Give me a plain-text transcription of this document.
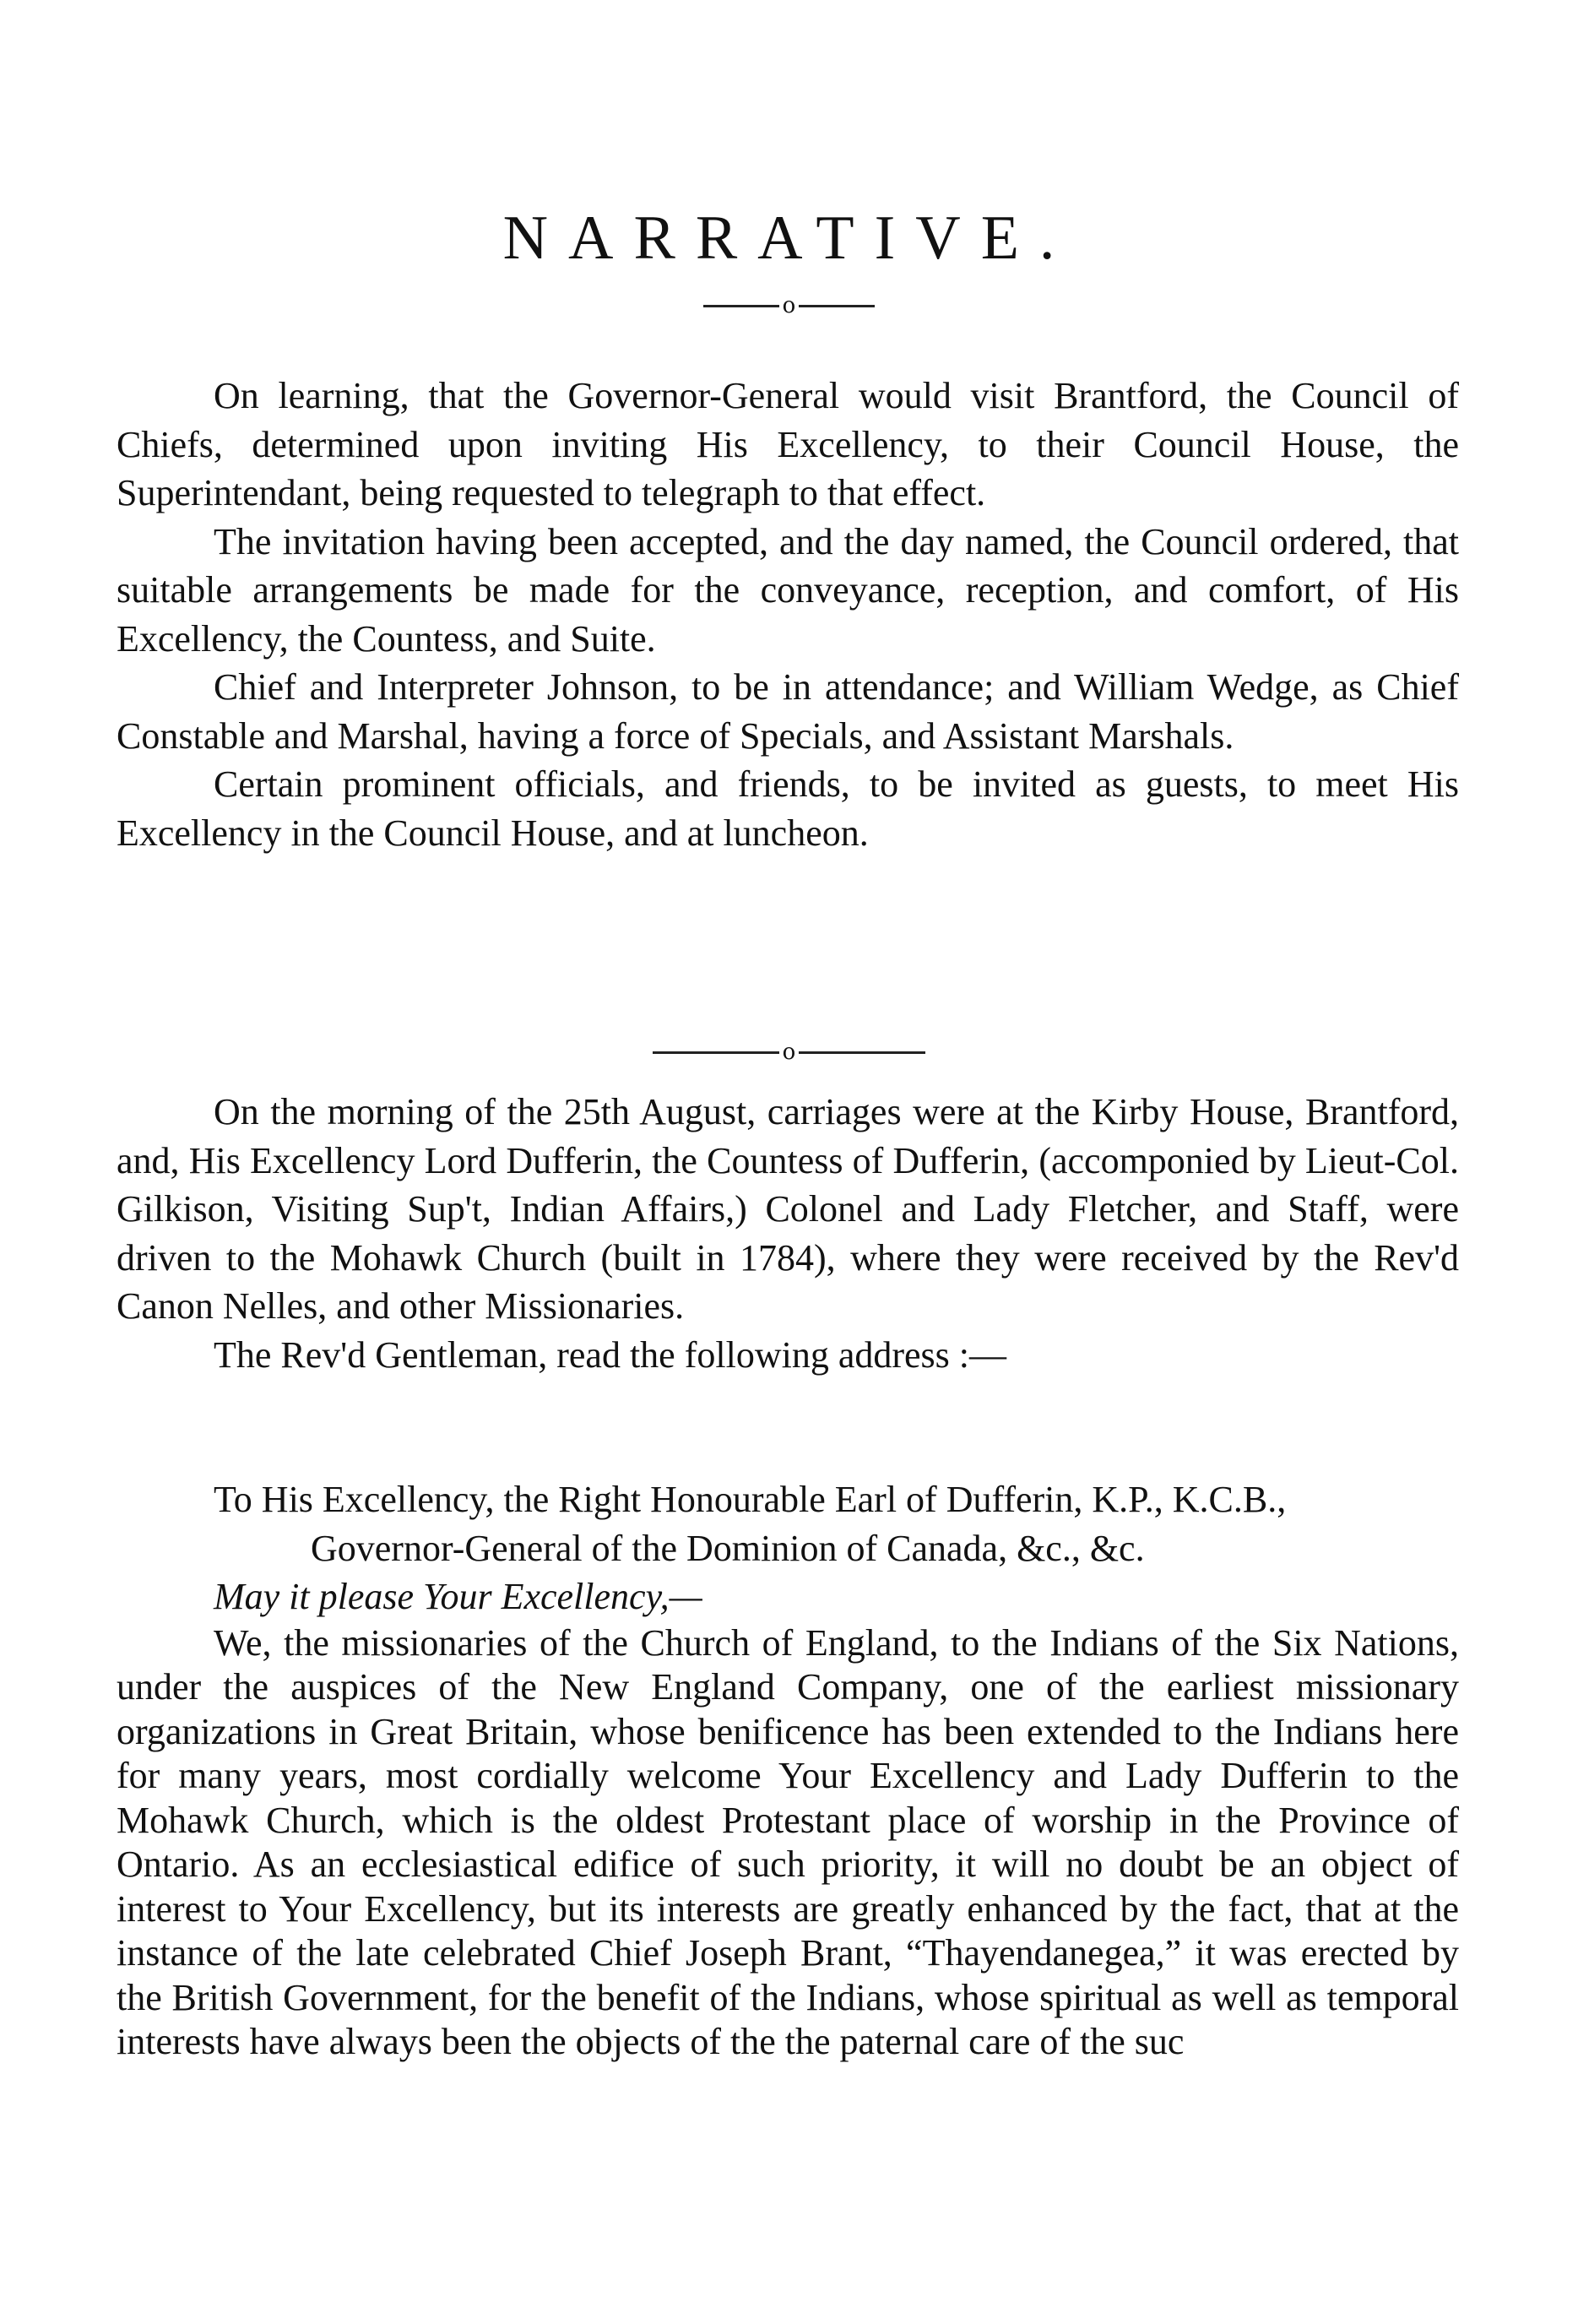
NARRATIVE.
o

On learning, that the Governor-General would visit Brantford, the Council of Chiefs, determined upon inviting His Excellency, to their Council House, the Superintendant, being requested to telegraph to that effect.

The invitation having been accepted, and the day named, the Council ordered, that suitable arrangements be made for the conveyance, reception, and comfort, of His Excellency, the Countess, and Suite.

Chief and Interpreter Johnson, to be in attendance; and William Wedge, as Chief Constable and Marshal, having a force of Specials, and Assistant Marshals.

Certain prominent officials, and friends, to be invited as guests, to meet His Excellency in the Council House, and at luncheon.

o

On the morning of the 25th August, carriages were at the Kirby House, Brantford, and, His Excellency Lord Dufferin, the Countess of Dufferin, (accomponied by Lieut-Col. Gilkison, Visiting Sup't, Indian Affairs,) Colonel and Lady Fletcher, and Staff, were driven to the Mohawk Church (built in 1784), where they were received by the Rev'd Canon Nelles, and other Missionaries.

The Rev'd Gentleman, read the following address :—

To His Excellency, the Right Honourable Earl of Dufferin, K.P., K.C.B.,

Governor-General of the Dominion of Canada, &c., &c.

May it please Your Excellency,—

We, the missionaries of the Church of England, to the Indians of the Six Nations, under the auspices of the New England Company, one of the earliest missionary organizations in Great Britain, whose benificence has been extended to the Indians here for many years, most cordially welcome Your Excellency and Lady Dufferin to the Mohawk Church, which is the oldest Protestant place of worship in the Province of Ontario. As an ecclesiastical edifice of such priority, it will no doubt be an object of interest to Your Excellency, but its interests are greatly enhanced by the fact, that at the instance of the late celebrated Chief Joseph Brant, “Thayendanegea,” it was erected by the British Government, for the benefit of the Indians, whose spiritual as well as temporal interests have always been the objects of the the paternal care of the suc
